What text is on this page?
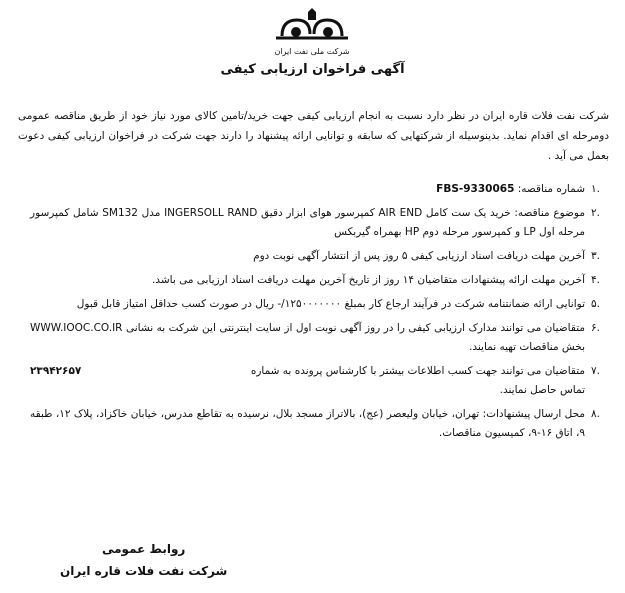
شرکت ملی نفت ایران
آگهی فراخوان ارزیابی کیفی
شرکت نفت فلات قاره ایران در نظر دارد نسبت به انجام ارزیابی کیفی جهت خرید/تامین کالای مورد نیاز خود از طریق مناقصه عمومی دومرحله ای اقدام نماید. بدینوسیله از شرکتهایی که سابقه و توانایی ارائه پیشنهاد را دارند جهت شرکت در فراخوان ارزیابی کیفی دعوت بعمل می آید .
۱.
شماره مناقصه: FBS-9330065
۲.
موضوع مناقصه: خرید یک ست کامل AIR END کمپرسور هوای ابزار دقیق INGERSOLL RAND مدل SM132 شامل کمپرسور مرحله اول LP و کمپرسور مرحله دوم HP بهمراه گیربکس
۳.
آخرین مهلت دریافت اسناد ارزیابی کیفی ۵ روز پس از انتشار آگهی نوبت دوم
۴.
آخرین مهلت ارائه پیشنهادات متقاضیان ۱۴ روز از تاریخ آخرین مهلت دریافت اسناد ارزیابی می باشد.
۵.
توانایی ارائه ضمانتنامه شرکت در فرآیند ارجاع کار بمبلغ ۱۲۵۰۰۰۰۰۰۰/- ریال در صورت کسب حداقل امتیاز قابل قبول
۶.
متقاضیان می توانند مدارک ارزیابی کیفی را در روز آگهی نوبت اول از سایت اینترنتی این شرکت به نشانی WWW.IOOC.CO.IR بخش مناقصات تهیه نمایند.
۷.
متقاضیان می توانند جهت کسب اطلاعات بیشتر با کارشناس پرونده به شماره
۲۳۹۴۲۶۵۷
تماس حاصل نمایند.
۸.
محل ارسال پیشنهادات: تهران، خیابان ولیعصر (عج)، بالاتراز مسجد بلال، نرسیده به تقاطع مدرس، خیابان خاکزاد، پلاک ۱۲، طبقه ۹، اتاق ۱۶-۹، کمیسیون مناقصات.
روابط عمومی
شرکت نفت فلات قاره ایران
